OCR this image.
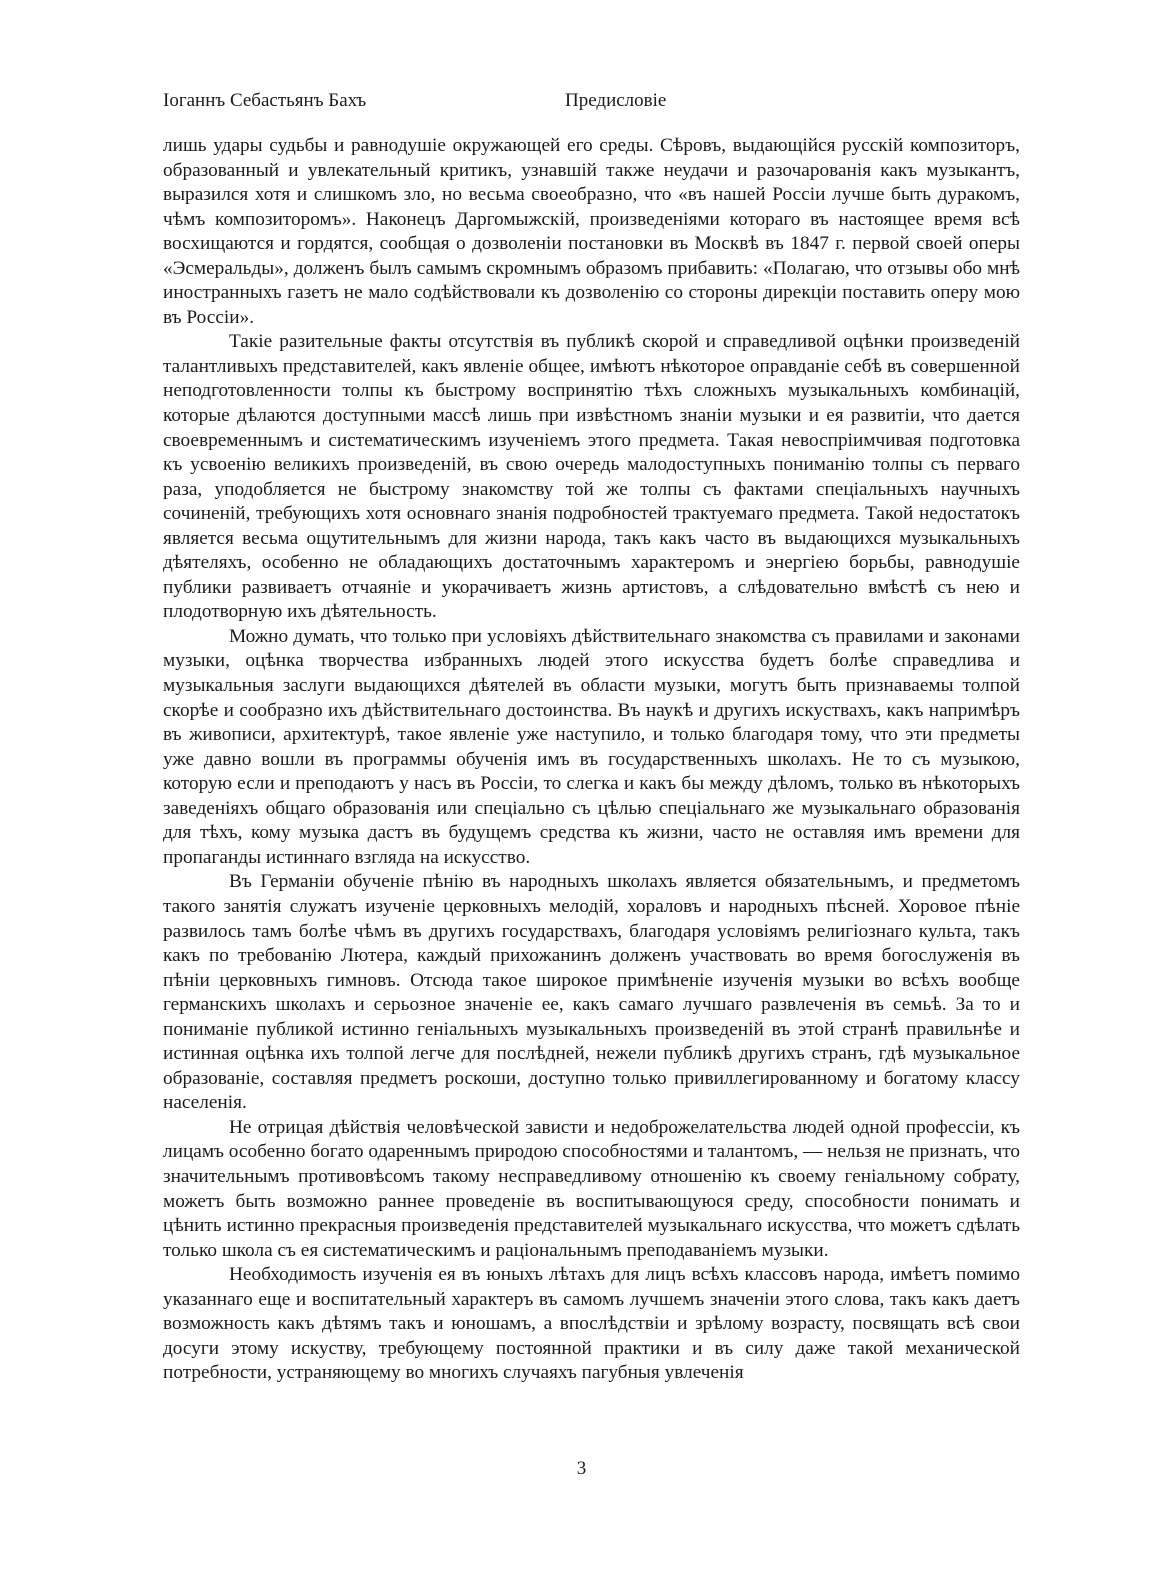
Іоганнъ Себастьянъ Бахъ	Предисловіе

лишь удары судьбы и равнодушіе окружающей его среды. Сѣровъ, выдающійся русскій композиторъ, образованный и увлекательный критикъ, узнавшій также неудачи и разочарованія какъ музыкантъ, выразился хотя и слишкомъ зло, но весьма своеобразно, что «въ нашей Россіи лучше быть дуракомъ, чѣмъ композиторомъ». Наконецъ Даргомыжскій, произведеніями котораго въ настоящее время всѣ восхищаются и гордятся, сообщая о дозволеніи постановки въ Москвѣ въ 1847 г. первой своей оперы «Эсмеральды», долженъ былъ самымъ скромнымъ образомъ прибавить: «Полагаю, что отзывы обо мнѣ иностранныхъ газетъ не мало содѣйствовали къ дозволенію со стороны дирекціи поставить оперу мою въ Россіи».

Такіе разительные факты отсутствія въ публикѣ скорой и справедливой оцѣнки произведеній талантливыхъ представителей, какъ явленіе общее, имѣютъ нѣкоторое оправданіе себѣ въ совершенной неподготовленности толпы къ быстрому воспринятію тѣхъ сложныхъ музыкальныхъ комбинацій, которые дѣлаются доступными массѣ лишь при извѣстномъ знаніи музыки и ея развитіи, что дается своевременнымъ и систематическимъ изученіемъ этого предмета. Такая невоспріимчивая подготовка къ усвоенію великихъ произведеній, въ свою очередь малодоступныхъ пониманію толпы съ перваго раза, уподобляется не быстрому знакомству той же толпы съ фактами спеціальныхъ научныхъ сочиненій, требующихъ хотя основнаго знанія подробностей трактуемаго предмета. Такой недостатокъ является весьма ощутительнымъ для жизни народа, такъ какъ часто въ выдающихся музыкальныхъ дѣятеляхъ, особенно не обладающихъ достаточнымъ характеромъ и энергіею борьбы, равнодушіе публики развиваетъ отчаяніе и укорачиваетъ жизнь артистовъ, а слѣдовательно вмѣстѣ съ нею и плодотворную ихъ дѣятельность.

Можно думать, что только при условіяхъ дѣйствительнаго знакомства съ правилами и законами музыки, оцѣнка творчества избранныхъ людей этого искусства будетъ болѣе справедлива и музыкальныя заслуги выдающихся дѣятелей въ области музыки, могутъ быть признаваемы толпой скорѣе и сообразно ихъ дѣйствительнаго достоинства. Въ наукѣ и другихъ искуствахъ, какъ напримѣръ въ живописи, архитектурѣ, такое явленіе уже наступило, и только благодаря тому, что эти предметы уже давно вошли въ программы обученія имъ въ государственныхъ школахъ. Не то съ музыкою, которую если и преподаютъ у насъ въ Россіи, то слегка и какъ бы между дѣломъ, только въ нѣкоторыхъ заведеніяхъ общаго образованія или спеціально съ цѣлью спеціальнаго же музыкальнаго образованія для тѣхъ, кому музыка дастъ въ будущемъ средства къ жизни, часто не оставляя имъ времени для пропаганды истиннаго взгляда на искусство.

Въ Германіи обученіе пѣнію въ народныхъ школахъ является обязательнымъ, и предметомъ такого занятія служатъ изученіе церковныхъ мелодій, хораловъ и народныхъ пѣсней. Хоровое пѣніе развилось тамъ болѣе чѣмъ въ другихъ государствахъ, благодаря условіямъ религіознаго культа, такъ какъ по требованію Лютера, каждый прихожанинъ долженъ участвовать во время богослуженія въ пѣніи церковныхъ гимновъ. Отсюда такое широкое примѣненіе изученія музыки во всѣхъ вообще германскихъ школахъ и серьозное значеніе ее, какъ самаго лучшаго развлеченія въ семьѣ. За то и пониманіе публикой истинно геніальныхъ музыкальныхъ произведеній въ этой странѣ правильнѣе и истинная оцѣнка ихъ толпой легче для послѣдней, нежели публикѣ другихъ странъ, гдѣ музыкальное образованіе, составляя предметъ роскоши, доступно только привиллегированному и богатому классу населенія.

Не отрицая дѣйствія человѣческой зависти и недоброжелательства людей одной профессіи, къ лицамъ особенно богато одареннымъ природою способностями и талантомъ, — нельзя не признать, что значительнымъ противовѣсомъ такому несправедливому отношенію къ своему геніальному собрату, можетъ быть возможно раннее проведеніе въ воспитывающуюся среду, способности понимать и цѣнить истинно прекрасныя произведенія представителей музыкальнаго искусства, что можетъ сдѣлать только школа съ ея систематическимъ и раціональнымъ преподаваніемъ музыки.

Необходимость изученія ея въ юныхъ лѣтахъ для лицъ всѣхъ классовъ народа, имѣетъ помимо указаннаго еще и воспитательный характеръ въ самомъ лучшемъ значеніи этого слова, такъ какъ даетъ возможность какъ дѣтямъ такъ и юношамъ, а впослѣдствіи и зрѣлому возрасту, посвящать всѣ свои досуги этому искуству, требующему постоянной практики и въ силу даже такой механической потребности, устраняющему во многихъ случаяхъ пагубныя увлеченія

3
